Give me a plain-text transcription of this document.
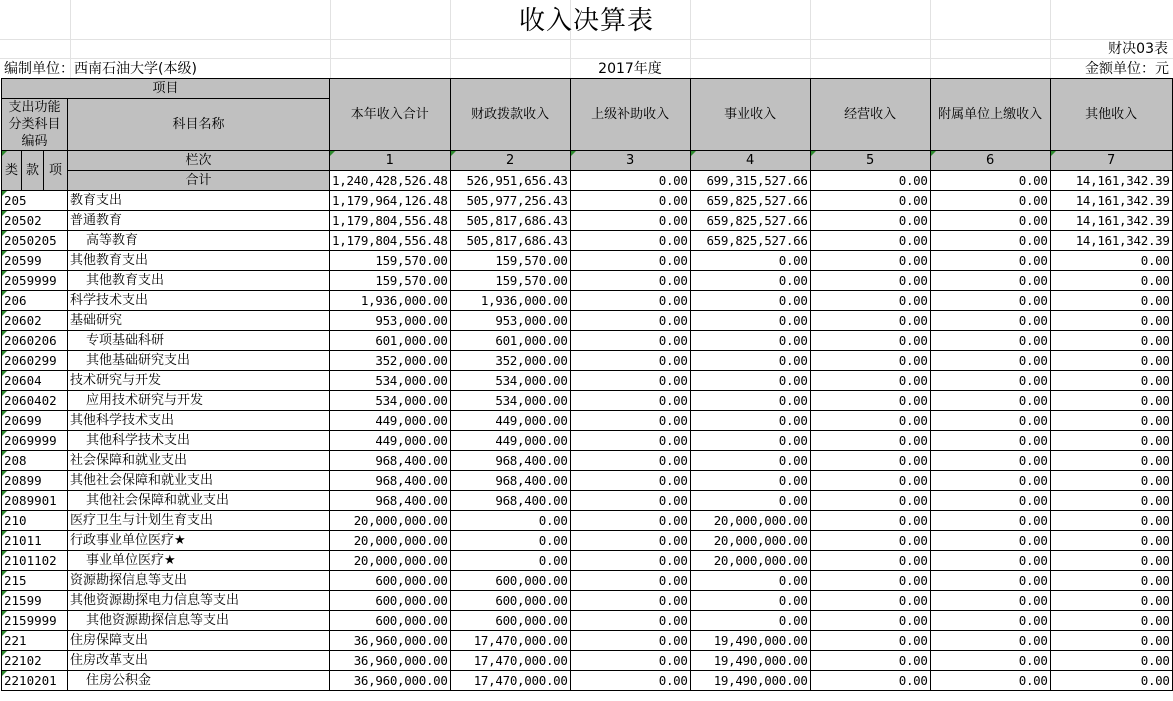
收入决算表
财决03表
编制单位：西南石油大学(本级)	2017年度	金额单位：元
项目				本年收入合计	财政拨款收入	上级补助收入	事业收入	经营收入	附属单位上缴收入	其他收入
支出功能分类科目编码			科目名称							

类	款	项	栏次	1	2	3	4	5	6	7
			合计	1,240,428,526.48	526,951,656.43	0.00	699,315,527.66	0.00	0.00	14,161,342.39
205			教育支出	1,179,964,126.48	505,977,256.43	0.00	659,825,527.66	0.00	0.00	14,161,342.39
20502			普通教育	1,179,804,556.48	505,817,686.43	0.00	659,825,527.66	0.00	0.00	14,161,342.39
2050205			高等教育	1,179,804,556.48	505,817,686.43	0.00	659,825,527.66	0.00	0.00	14,161,342.39
20599			其他教育支出	159,570.00	159,570.00	0.00	0.00	0.00	0.00	0.00
2059999			其他教育支出	159,570.00	159,570.00	0.00	0.00	0.00	0.00	0.00
206			科学技术支出	1,936,000.00	1,936,000.00	0.00	0.00	0.00	0.00	0.00
20602			基础研究	953,000.00	953,000.00	0.00	0.00	0.00	0.00	0.00
2060206			专项基础科研	601,000.00	601,000.00	0.00	0.00	0.00	0.00	0.00
2060299			其他基础研究支出	352,000.00	352,000.00	0.00	0.00	0.00	0.00	0.00
20604			技术研究与开发	534,000.00	534,000.00	0.00	0.00	0.00	0.00	0.00
2060402			应用技术研究与开发	534,000.00	534,000.00	0.00	0.00	0.00	0.00	0.00
20699			其他科学技术支出	449,000.00	449,000.00	0.00	0.00	0.00	0.00	0.00
2069999			其他科学技术支出	449,000.00	449,000.00	0.00	0.00	0.00	0.00	0.00
208			社会保障和就业支出	968,400.00	968,400.00	0.00	0.00	0.00	0.00	0.00
20899			其他社会保障和就业支出	968,400.00	968,400.00	0.00	0.00	0.00	0.00	0.00
2089901			其他社会保障和就业支出	968,400.00	968,400.00	0.00	0.00	0.00	0.00	0.00
210			医疗卫生与计划生育支出	20,000,000.00	0.00	0.00	20,000,000.00	0.00	0.00	0.00
21011			行政事业单位医疗★	20,000,000.00	0.00	0.00	20,000,000.00	0.00	0.00	0.00
2101102			事业单位医疗★	20,000,000.00	0.00	0.00	20,000,000.00	0.00	0.00	0.00
215			资源勘探信息等支出	600,000.00	600,000.00	0.00	0.00	0.00	0.00	0.00
21599			其他资源勘探电力信息等支出	600,000.00	600,000.00	0.00	0.00	0.00	0.00	0.00
2159999			其他资源勘探信息等支出	600,000.00	600,000.00	0.00	0.00	0.00	0.00	0.00
221			住房保障支出	36,960,000.00	17,470,000.00	0.00	19,490,000.00	0.00	0.00	0.00
22102			住房改革支出	36,960,000.00	17,470,000.00	0.00	19,490,000.00	0.00	0.00	0.00
2210201			住房公积金	36,960,000.00	17,470,000.00	0.00	19,490,000.00	0.00	0.00	0.00
